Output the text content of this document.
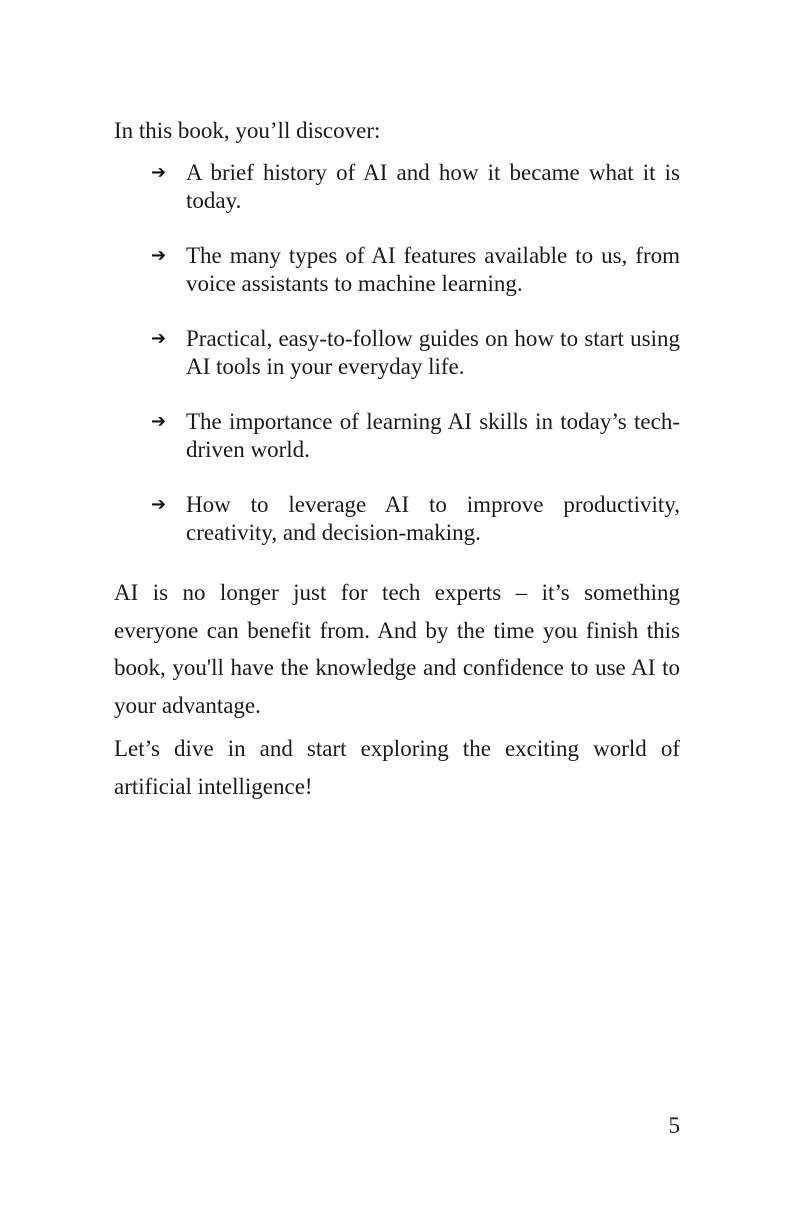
In this book, you’ll discover:

➔ A brief history of AI and how it became what it is today.
➔ The many types of AI features available to us, from voice assistants to machine learning.
➔ Practical, easy-to-follow guides on how to start using AI tools in your everyday life.
➔ The importance of learning AI skills in today’s tech-driven world.
➔ How to leverage AI to improve productivity, creativity, and decision-making.

AI is no longer just for tech experts – it’s something everyone can benefit from. And by the time you finish this book, you'll have the knowledge and confidence to use AI to your advantage.

Let’s dive in and start exploring the exciting world of artificial intelligence!

5
